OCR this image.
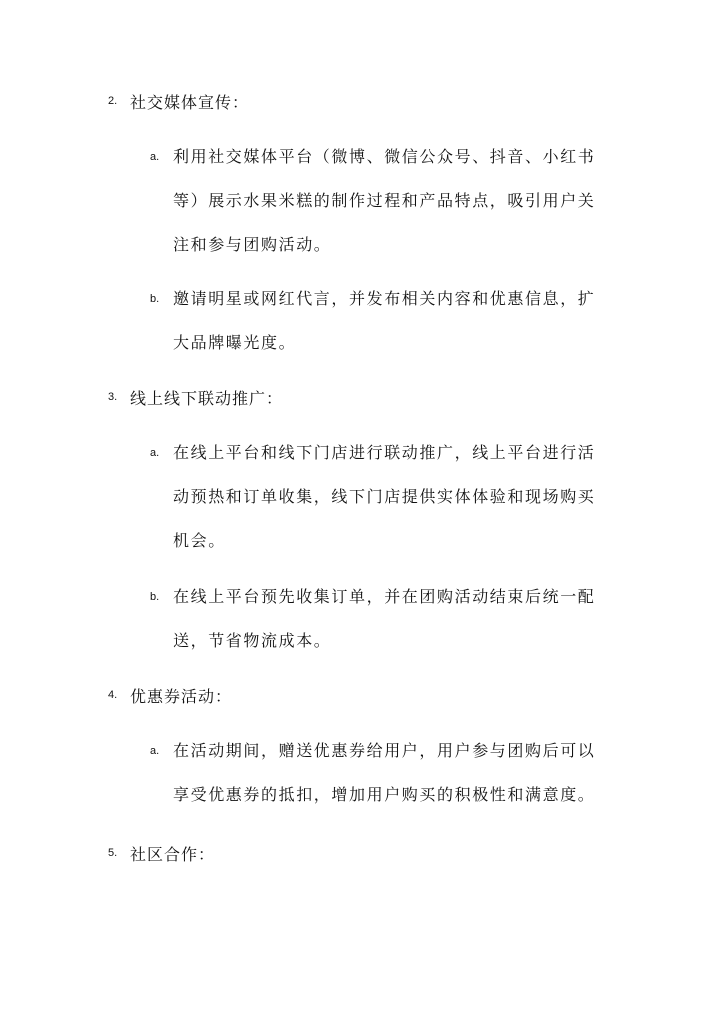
2. 社交媒体宣传：
a. 利用社交媒体平台（微博、微信公众号、抖音、小红书
等）展示水果米糕的制作过程和产品特点，吸引用户关
注和参与团购活动。
b. 邀请明星或网红代言，并发布相关内容和优惠信息，扩
大品牌曝光度。
3. 线上线下联动推广：
a. 在线上平台和线下门店进行联动推广，线上平台进行活
动预热和订单收集，线下门店提供实体体验和现场购买
机会。
b. 在线上平台预先收集订单，并在团购活动结束后统一配
送，节省物流成本。
4. 优惠券活动：
a. 在活动期间，赠送优惠券给用户，用户参与团购后可以
享受优惠券的抵扣，增加用户购买的积极性和满意度。
5. 社区合作：
